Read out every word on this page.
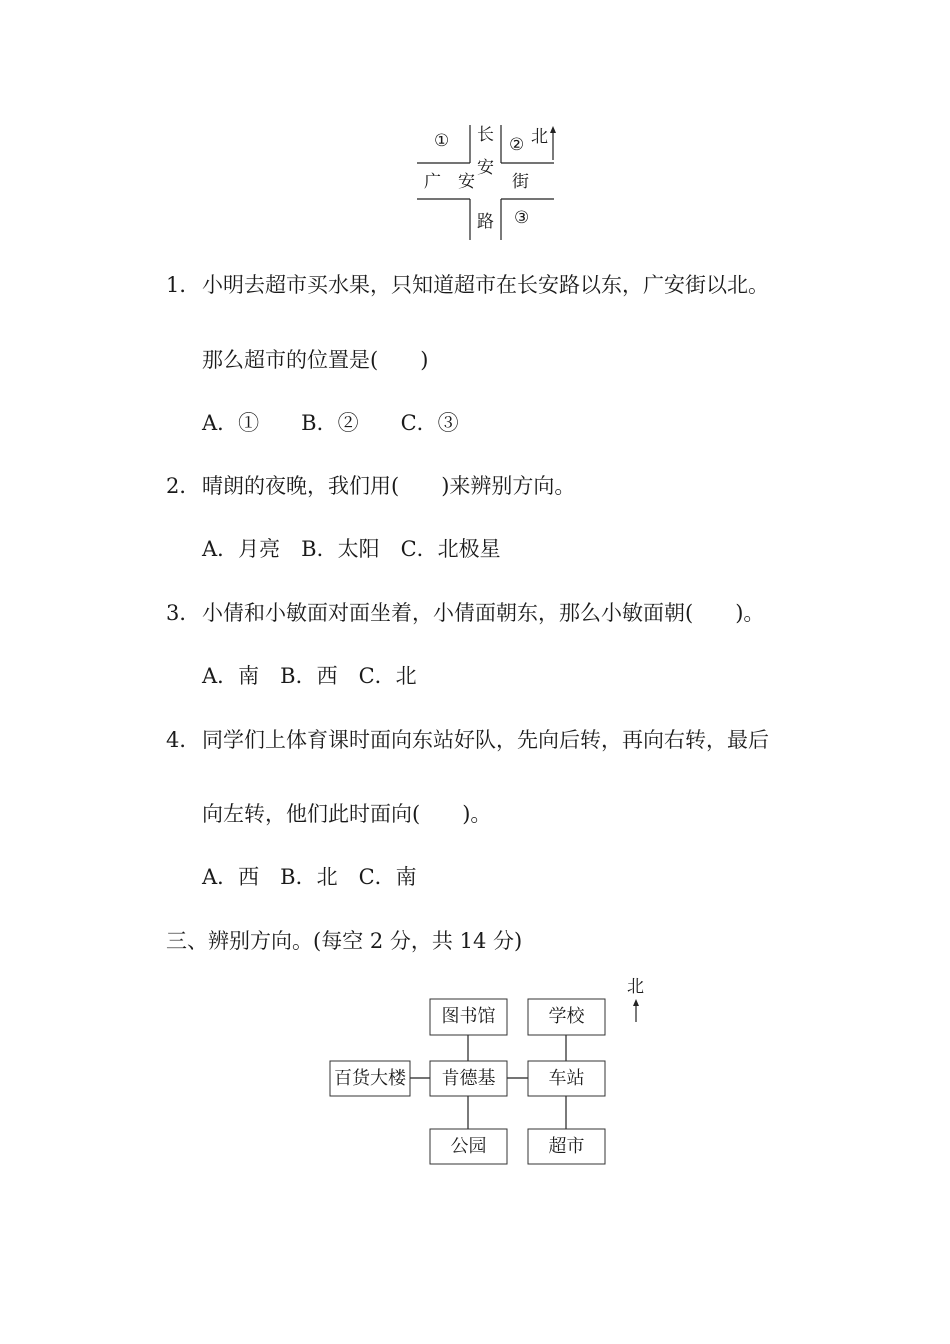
①	②
③
北
长
安
路
广 安 街
1．小明去超市买水果，只知道超市在长安路以东，广安街以北。
那么超市的位置是(　　)
A．①　　B．②　　C．③
2．晴朗的夜晚，我们用(　　)来辨别方向。
A．月亮　B．太阳　C．北极星
3．小倩和小敏面对面坐着，小倩面朝东，那么小敏面朝(　　)。
A．南　B．西　C．北
4．同学们上体育课时面向东站好队，先向后转，再向右转，最后
向左转，他们此时面向(　　)。
A．西　B．北　C．南
三、辨别方向。(每空 2 分，共 14 分)
北
图书馆	学校
百货大楼	肯德基	车站
公园	超市
